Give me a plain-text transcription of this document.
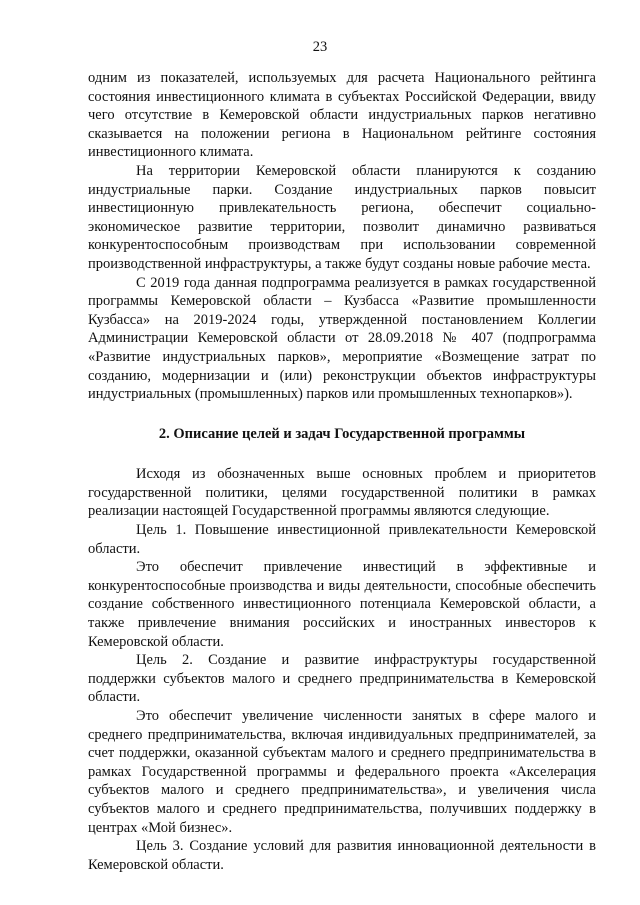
23

одним из показателей, используемых для расчета Национального рейтинга состояния инвестиционного климата в субъектах Российской Федерации, ввиду чего отсутствие в Кемеровской области индустриальных парков негативно сказывается на положении региона в Национальном рейтинге состояния инвестиционного климата.

На территории Кемеровской области планируются к созданию индустриальные парки. Создание индустриальных парков повысит инвестиционную привлекательность региона, обеспечит социально-экономическое развитие территории, позволит динамично развиваться конкурентоспособным производствам при использовании современной производственной инфраструктуры, а также будут созданы новые рабочие места.

С 2019 года данная подпрограмма реализуется в рамках государственной программы Кемеровской области – Кузбасса «Развитие промышленности Кузбасса» на 2019-2024 годы, утвержденной постановлением Коллегии Администрации Кемеровской области от 28.09.2018 № 407 (подпрограмма «Развитие индустриальных парков», мероприятие «Возмещение затрат по созданию, модернизации и (или) реконструкции объектов инфраструктуры индустриальных (промышленных) парков или промышленных технопарков»).

2. Описание целей и задач Государственной программы

Исходя из обозначенных выше основных проблем и приоритетов государственной политики, целями государственной политики в рамках реализации настоящей Государственной программы являются следующие.

Цель 1. Повышение инвестиционной привлекательности Кемеровской области.

Это обеспечит привлечение инвестиций в эффективные и конкурентоспособные производства и виды деятельности, способные обеспечить создание собственного инвестиционного потенциала Кемеровской области, а также привлечение внимания российских и иностранных инвесторов к Кемеровской области.

Цель 2. Создание и развитие инфраструктуры государственной поддержки субъектов малого и среднего предпринимательства в Кемеровской области.

Это обеспечит увеличение численности занятых в сфере малого и среднего предпринимательства, включая индивидуальных предпринимателей, за счет поддержки, оказанной субъектам малого и среднего предпринимательства в рамках Государственной программы и федерального проекта «Акселерация субъектов малого и среднего предпринимательства», и увеличения числа субъектов малого и среднего предпринимательства, получивших поддержку в центрах «Мой бизнес».

Цель 3. Создание условий для развития инновационной деятельности в Кемеровской области.
